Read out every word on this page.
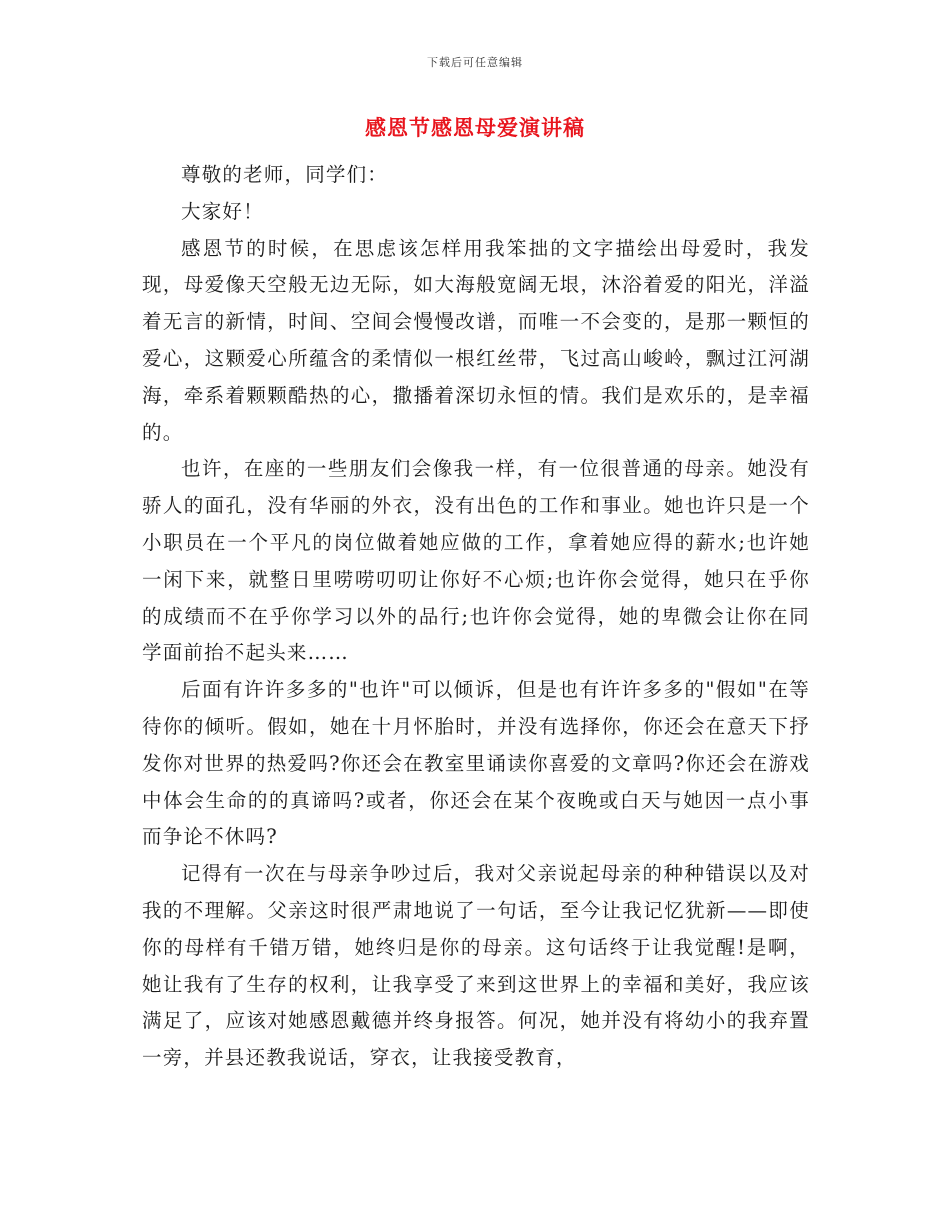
下载后可任意编辑
感恩节感恩母爱演讲稿

尊敬的老师，同学们：

大家好！

感恩节的时候，在思虑该怎样用我笨拙的文字描绘出母爱时，我发现，母爱像天空般无边无际，如大海般宽阔无垠，沐浴着爱的阳光，洋溢着无言的新情，时间、空间会慢慢改谱，而唯一不会变的，是那一颗恒的爱心，这颗爱心所蕴含的柔情似一根红丝带，飞过高山峻岭，飘过江河湖海，牵系着颗颗酷热的心，撒播着深切永恒的情。我们是欢乐的，是幸福的。

也许，在座的一些朋友们会像我一样，有一位很普通的母亲。她没有骄人的面孔，没有华丽的外衣，没有出色的工作和事业。她也许只是一个小职员在一个平凡的岗位做着她应做的工作，拿着她应得的薪水;也许她一闲下来，就整日里唠唠叨叨让你好不心烦;也许你会觉得，她只在乎你的成绩而不在乎你学习以外的品行;也许你会觉得，她的卑微会让你在同学面前抬不起头来……

后面有许许多多的"也许"可以倾诉，但是也有许许多多的"假如"在等待你的倾听。假如，她在十月怀胎时，并没有选择你，你还会在意天下抒发你对世界的热爱吗?你还会在教室里诵读你喜爱的文章吗?你还会在游戏中体会生命的的真谛吗?或者，你还会在某个夜晚或白天与她因一点小事而争论不休吗?

记得有一次在与母亲争吵过后，我对父亲说起母亲的种种错误以及对我的不理解。父亲这时很严肃地说了一句话，至今让我记忆犹新——即使你的母样有千错万错，她终归是你的母亲。这句话终于让我觉醒!是啊，她让我有了生存的权利，让我享受了来到这世界上的幸福和美好，我应该满足了，应该对她感恩戴德并终身报答。何况，她并没有将幼小的我弃置一旁，并县还教我说话，穿衣，让我接受教育，
